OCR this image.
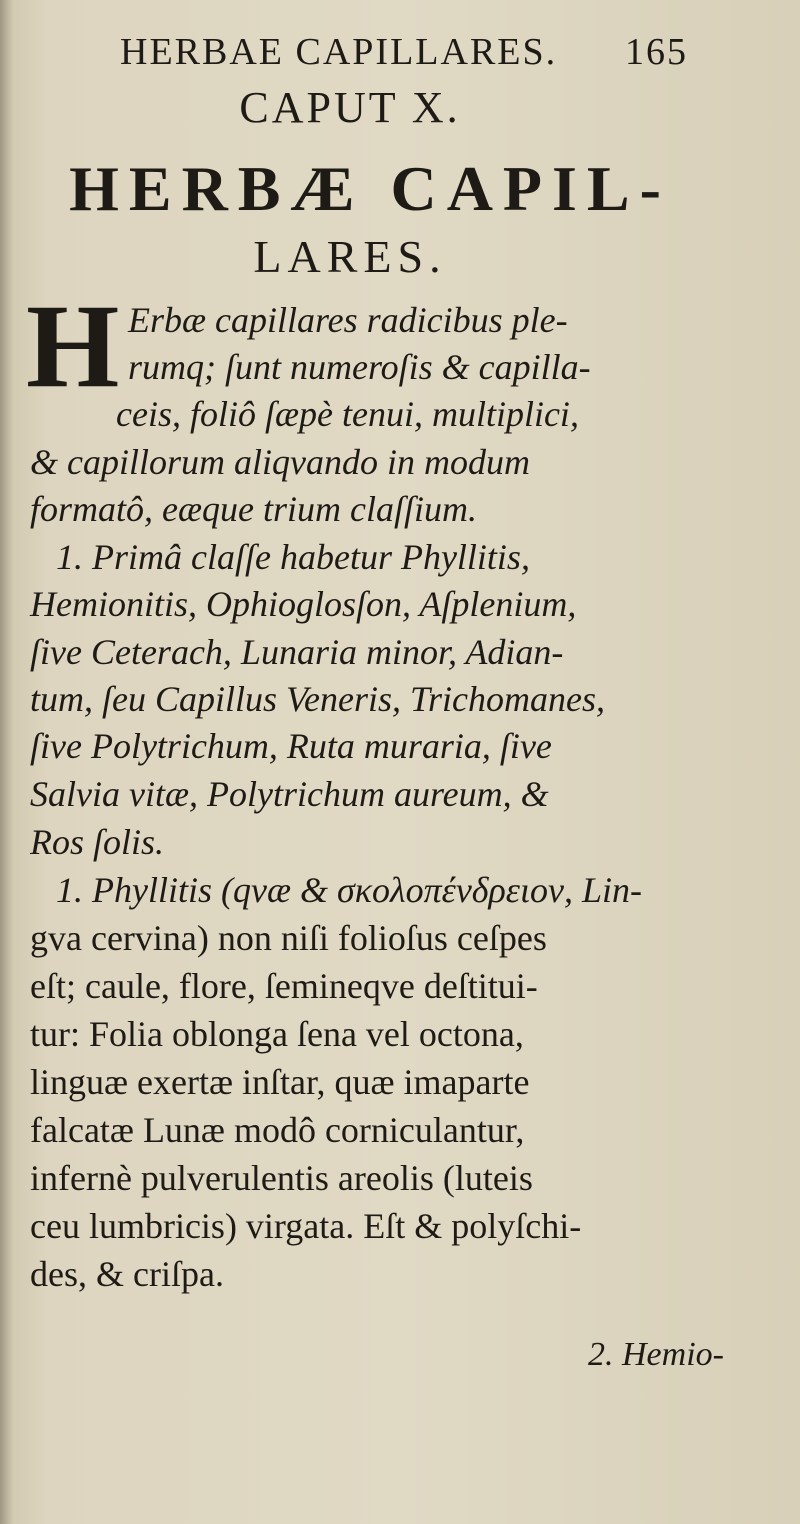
HERBAE CAPILLARES. 165
CAPUT X.
HERBÆ CAPIL-
LARES.
H Erbæ capillares radicibus ple-
rumq; ſunt numeroſis & capilla-
ceis, foliô ſæpè tenui, multiplici,
& capillorum aliqvando in modum
formatô, eæque trium claſſium.
1. Primâ claſſe habetur Phyllitis,
Hemionitis, Ophioglosſon, Aſplenium,
ſive Ceterach, Lunaria minor, Adian-
tum, ſeu Capillus Veneris, Trichomanes,
ſive Polytrichum, Ruta muraria, ſive
Salvia vitæ, Polytrichum aureum, &
Ros ſolis.
1. Phyllitis (qvæ & σκολοπένδρειον, Lin-
gva cervina) non niſi folioſus ceſpes
eſt; caule, flore, ſemineqve deſtitui-
tur: Folia oblonga ſena vel octona,
linguæ exertæ inſtar, quæ imaparte
falcatæ Lunæ modô corniculantur,
infernè pulverulentis areolis (luteis
ceu lumbricis) virgata. Eſt & polyſchi-
des, & criſpa.
2. Hemio-
